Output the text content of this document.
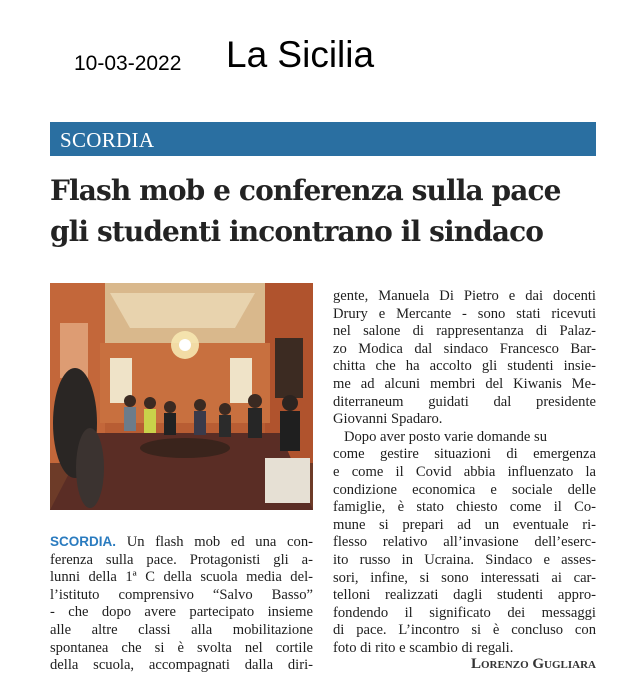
10-03-2022 La Sicilia
SCORDIA
Flash mob e conferenza sulla pace
gli studenti incontrano il sindaco
SCORDIA. Un flash mob ed una con-
ferenza sulla pace. Protagonisti gli a-
lunni della 1ª C della scuola media del-
l’istituto comprensivo “Salvo Basso”
- che dopo avere partecipato insieme
alle altre classi alla mobilitazione
spontanea che si è svolta nel cortile
della scuola, accompagnati dalla diri-
gente, Manuela Di Pietro e dai docenti
Drury e Mercante - sono stati ricevuti
nel salone di rappresentanza di Palaz-
zo Modica dal sindaco Francesco Bar-
chitta che ha accolto gli studenti insie-
me ad alcuni membri del Kiwanis Me-
diterraneum guidati dal presidente
Giovanni Spadaro.
Dopo aver posto varie domande su
come gestire situazioni di emergenza
e come il Covid abbia influenzato la
condizione economica e sociale delle
famiglie, è stato chiesto come il Co-
mune si prepari ad un eventuale ri-
flesso relativo all’invasione dell’eserc-
ito russo in Ucraina. Sindaco e asses-
sori, infine, si sono interessati ai car-
telloni realizzati dagli studenti appro-
fondendo il significato dei messaggi
di pace. L’incontro si è concluso con
foto di rito e scambio di regali.
Lorenzo Gugliara
